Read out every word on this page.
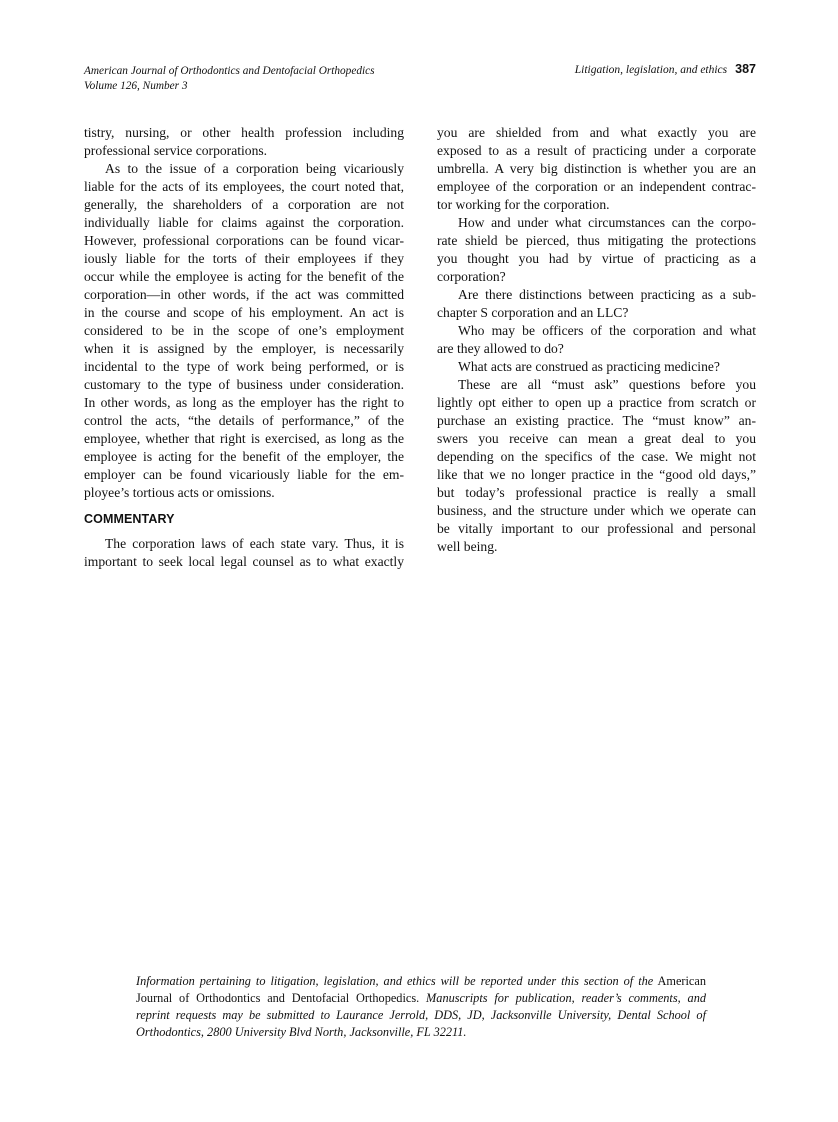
American Journal of Orthodontics and Dentofacial Orthopedics
Volume 126, Number 3
Litigation, legislation, and ethics 387
tistry, nursing, or other health profession including
professional service corporations.
As to the issue of a corporation being vicariously
liable for the acts of its employees, the court noted that,
generally, the shareholders of a corporation are not
individually liable for claims against the corporation.
However, professional corporations can be found vicar-
iously liable for the torts of their employees if they
occur while the employee is acting for the benefit of the
corporation—in other words, if the act was committed
in the course and scope of his employment. An act is
considered to be in the scope of one’s employment
when it is assigned by the employer, is necessarily
incidental to the type of work being performed, or is
customary to the type of business under consideration.
In other words, as long as the employer has the right to
control the acts, “the details of performance,” of the
employee, whether that right is exercised, as long as the
employee is acting for the benefit of the employer, the
employer can be found vicariously liable for the em-
ployee’s tortious acts or omissions.
COMMENTARY
The corporation laws of each state vary. Thus, it is
important to seek local legal counsel as to what exactly
you are shielded from and what exactly you are
exposed to as a result of practicing under a corporate
umbrella. A very big distinction is whether you are an
employee of the corporation or an independent contrac-
tor working for the corporation.
How and under what circumstances can the corpo-
rate shield be pierced, thus mitigating the protections
you thought you had by virtue of practicing as a
corporation?
Are there distinctions between practicing as a sub-
chapter S corporation and an LLC?
Who may be officers of the corporation and what
are they allowed to do?
What acts are construed as practicing medicine?
These are all “must ask” questions before you
lightly opt either to open up a practice from scratch or
purchase an existing practice. The “must know” an-
swers you receive can mean a great deal to you
depending on the specifics of the case. We might not
like that we no longer practice in the “good old days,”
but today’s professional practice is really a small
business, and the structure under which we operate can
be vitally important to our professional and personal
well being.
Information pertaining to litigation, legislation, and ethics will be reported under this section of the American
Journal of Orthodontics and Dentofacial Orthopedics. Manuscripts for publication, reader’s comments, and
reprint requests may be submitted to Laurance Jerrold, DDS, JD, Jacksonville University, Dental School of
Orthodontics, 2800 University Blvd North, Jacksonville, FL 32211.
